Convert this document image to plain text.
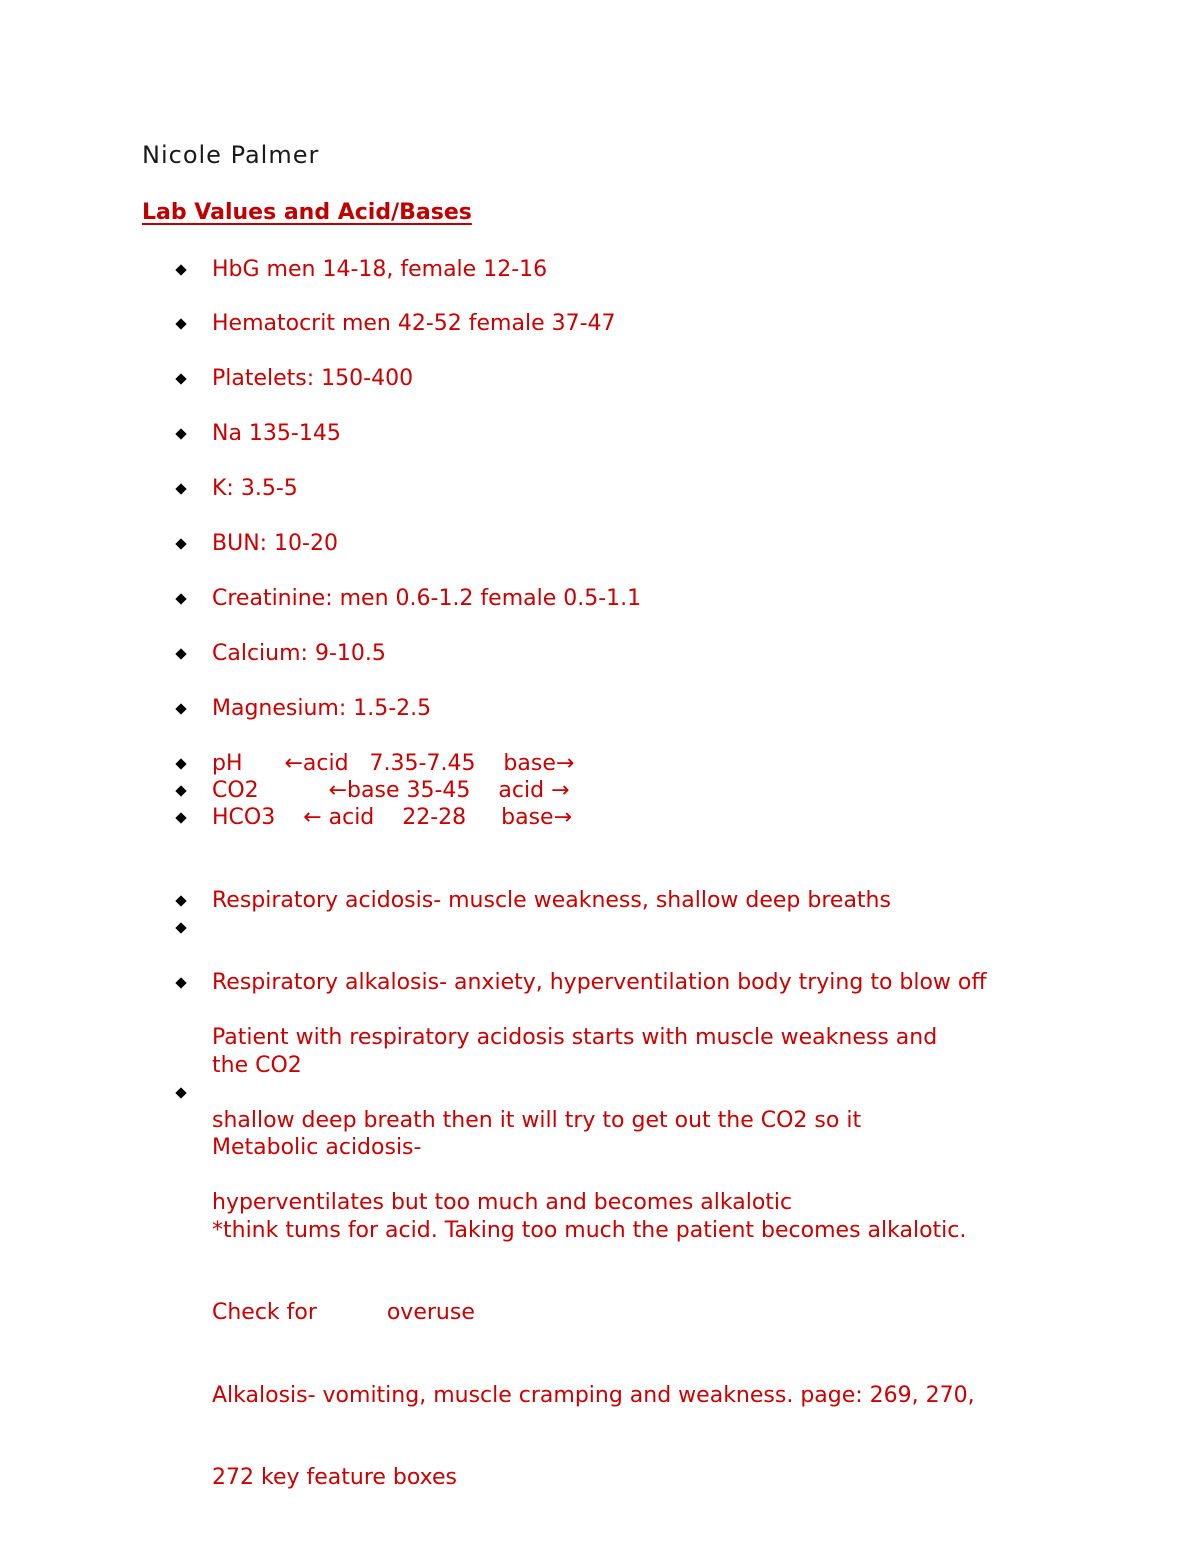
Nicole Palmer
Lab Values and Acid/Bases

HbG men 14-18, female 12-16

Hematocrit men 42-52 female 37-47

Platelets: 150-400

Na 135-145

K: 3.5-5

BUN: 10-20

Creatinine: men 0.6-1.2 female 0.5-1.1

Calcium: 9-10.5

Magnesium: 1.5-2.5

pH      ←acid   7.35-7.45    base→

CO2          ←base 35-45    acid →

HCO3    ← acid    22-28     base→

Respiratory acidosis- muscle weakness, shallow deep breaths

Respiratory alkalosis- anxiety, hyperventilation body trying to blow off

the CO2

Patient with respiratory acidosis starts with muscle weakness and

shallow deep breath then it will try to get out the CO2 so it

hyperventilates but too much and becomes alkalotic

Metabolic acidosis-

*think tums for acid. Taking too much the patient becomes alkalotic.

Check for          overuse

Alkalosis- vomiting, muscle cramping and weakness. page: 269, 270,

272 key feature boxes
